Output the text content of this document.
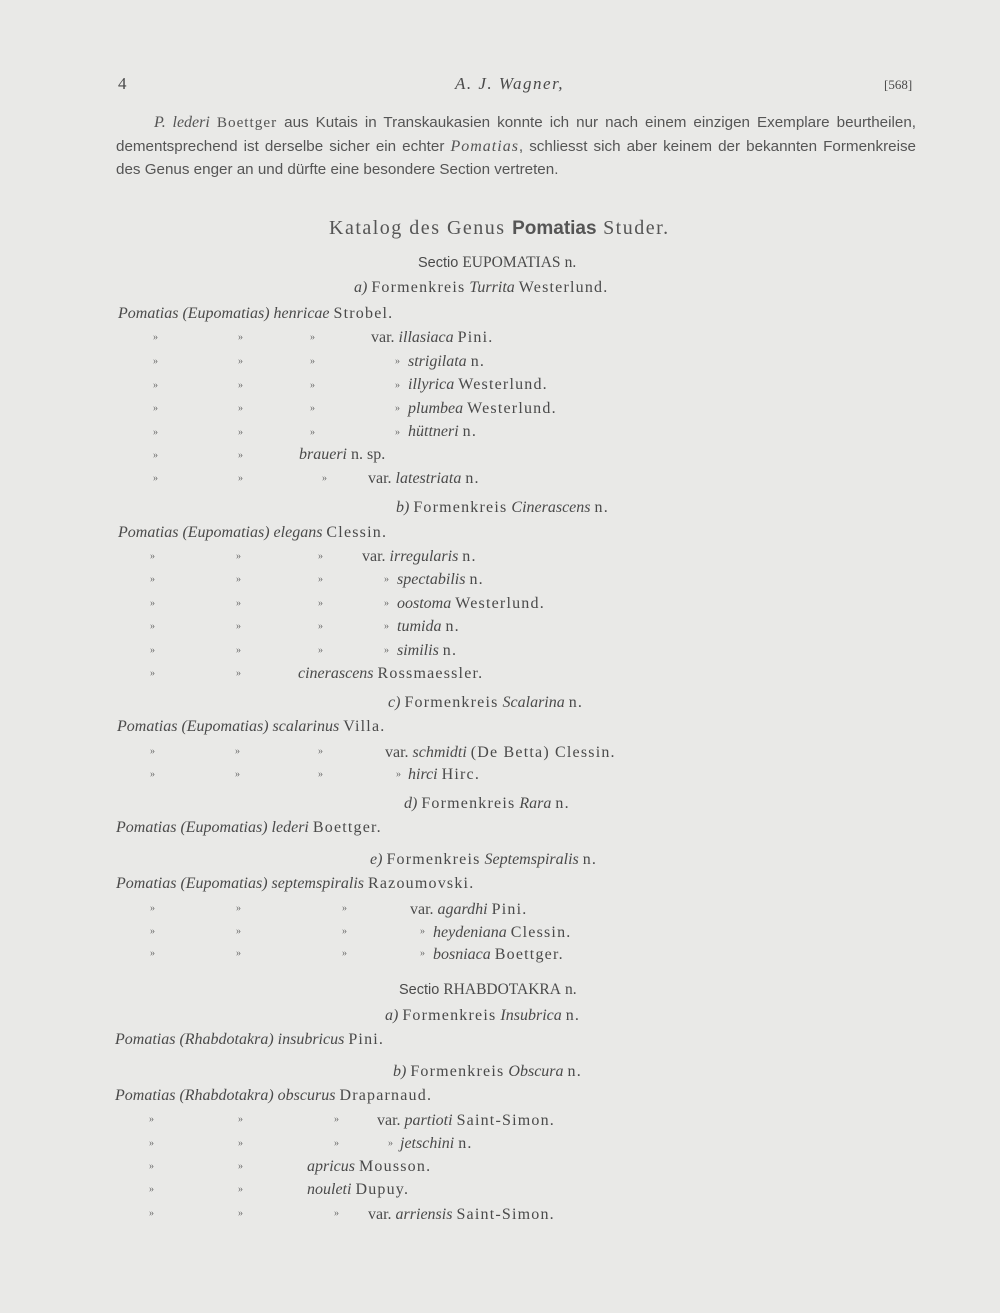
4	A. J. Wagner,	[568]
P. lederi Boettger aus Kutais in Transkaukasien konnte ich nur nach einem einzigen Exemplare beurtheilen, dementsprechend ist derselbe sicher ein echter Pomatias, schliesst sich aber keinem der bekannten Formenkreise des Genus enger an und dürfte eine besondere Section vertreten.
Katalog des Genus Pomatias Studer.
Sectio EUPOMATIAS n.
a) Formenkreis Turrita Westerlund.
Pomatias (Eupomatias) henricae Strobel.
»	»	»	var. illasiaca Pini.
»	»	»	» strigilata n.
»	»	»	» illyrica Westerlund.
»	»	»	» plumbea Westerlund.
»	»	»	» hüttneri n.
»	»	braueri n. sp.
»	»	»	var. latestriata n.
b) Formenkreis Cinerascens n.
Pomatias (Eupomatias) elegans Clessin.
»	»	» var. irregularis n.
»	»	»	» spectabilis n.
»	»	»	» oostoma Westerlund.
»	»	»	» tumida n.
»	»	»	» similis n.
»	»	cinerascens Rossmaessler.
c) Formenkreis Scalarina n.
Pomatias (Eupomatias) scalarinus Villa.
»	»	»	var. schmidti (De Betta) Clessin.
»	»	»	» hirci Hirc.
d) Formenkreis Rara n.
Pomatias (Eupomatias) lederi Boettger.
e) Formenkreis Septemspiralis n.
Pomatias (Eupomatias) septemspiralis Razoumovski.
»	»	»	var. agardhi Pini.
»	»	»	» heydeniana Clessin.
»	»	»	» bosniaca Boettger.
Sectio RHABDOTAKRA n.
a) Formenkreis Insubrica n.
Pomatias (Rhabdotakra) insubricus Pini.
b) Formenkreis Obscura n.
Pomatias (Rhabdotakra) obscurus Draparnaud.
»	»	» var. partioti Saint-Simon.
»	»	»	» jetschini n.
»	»	apricus Mousson.
»	»	nouleti Dupuy.
»	»	» var. arriensis Saint-Simon.
